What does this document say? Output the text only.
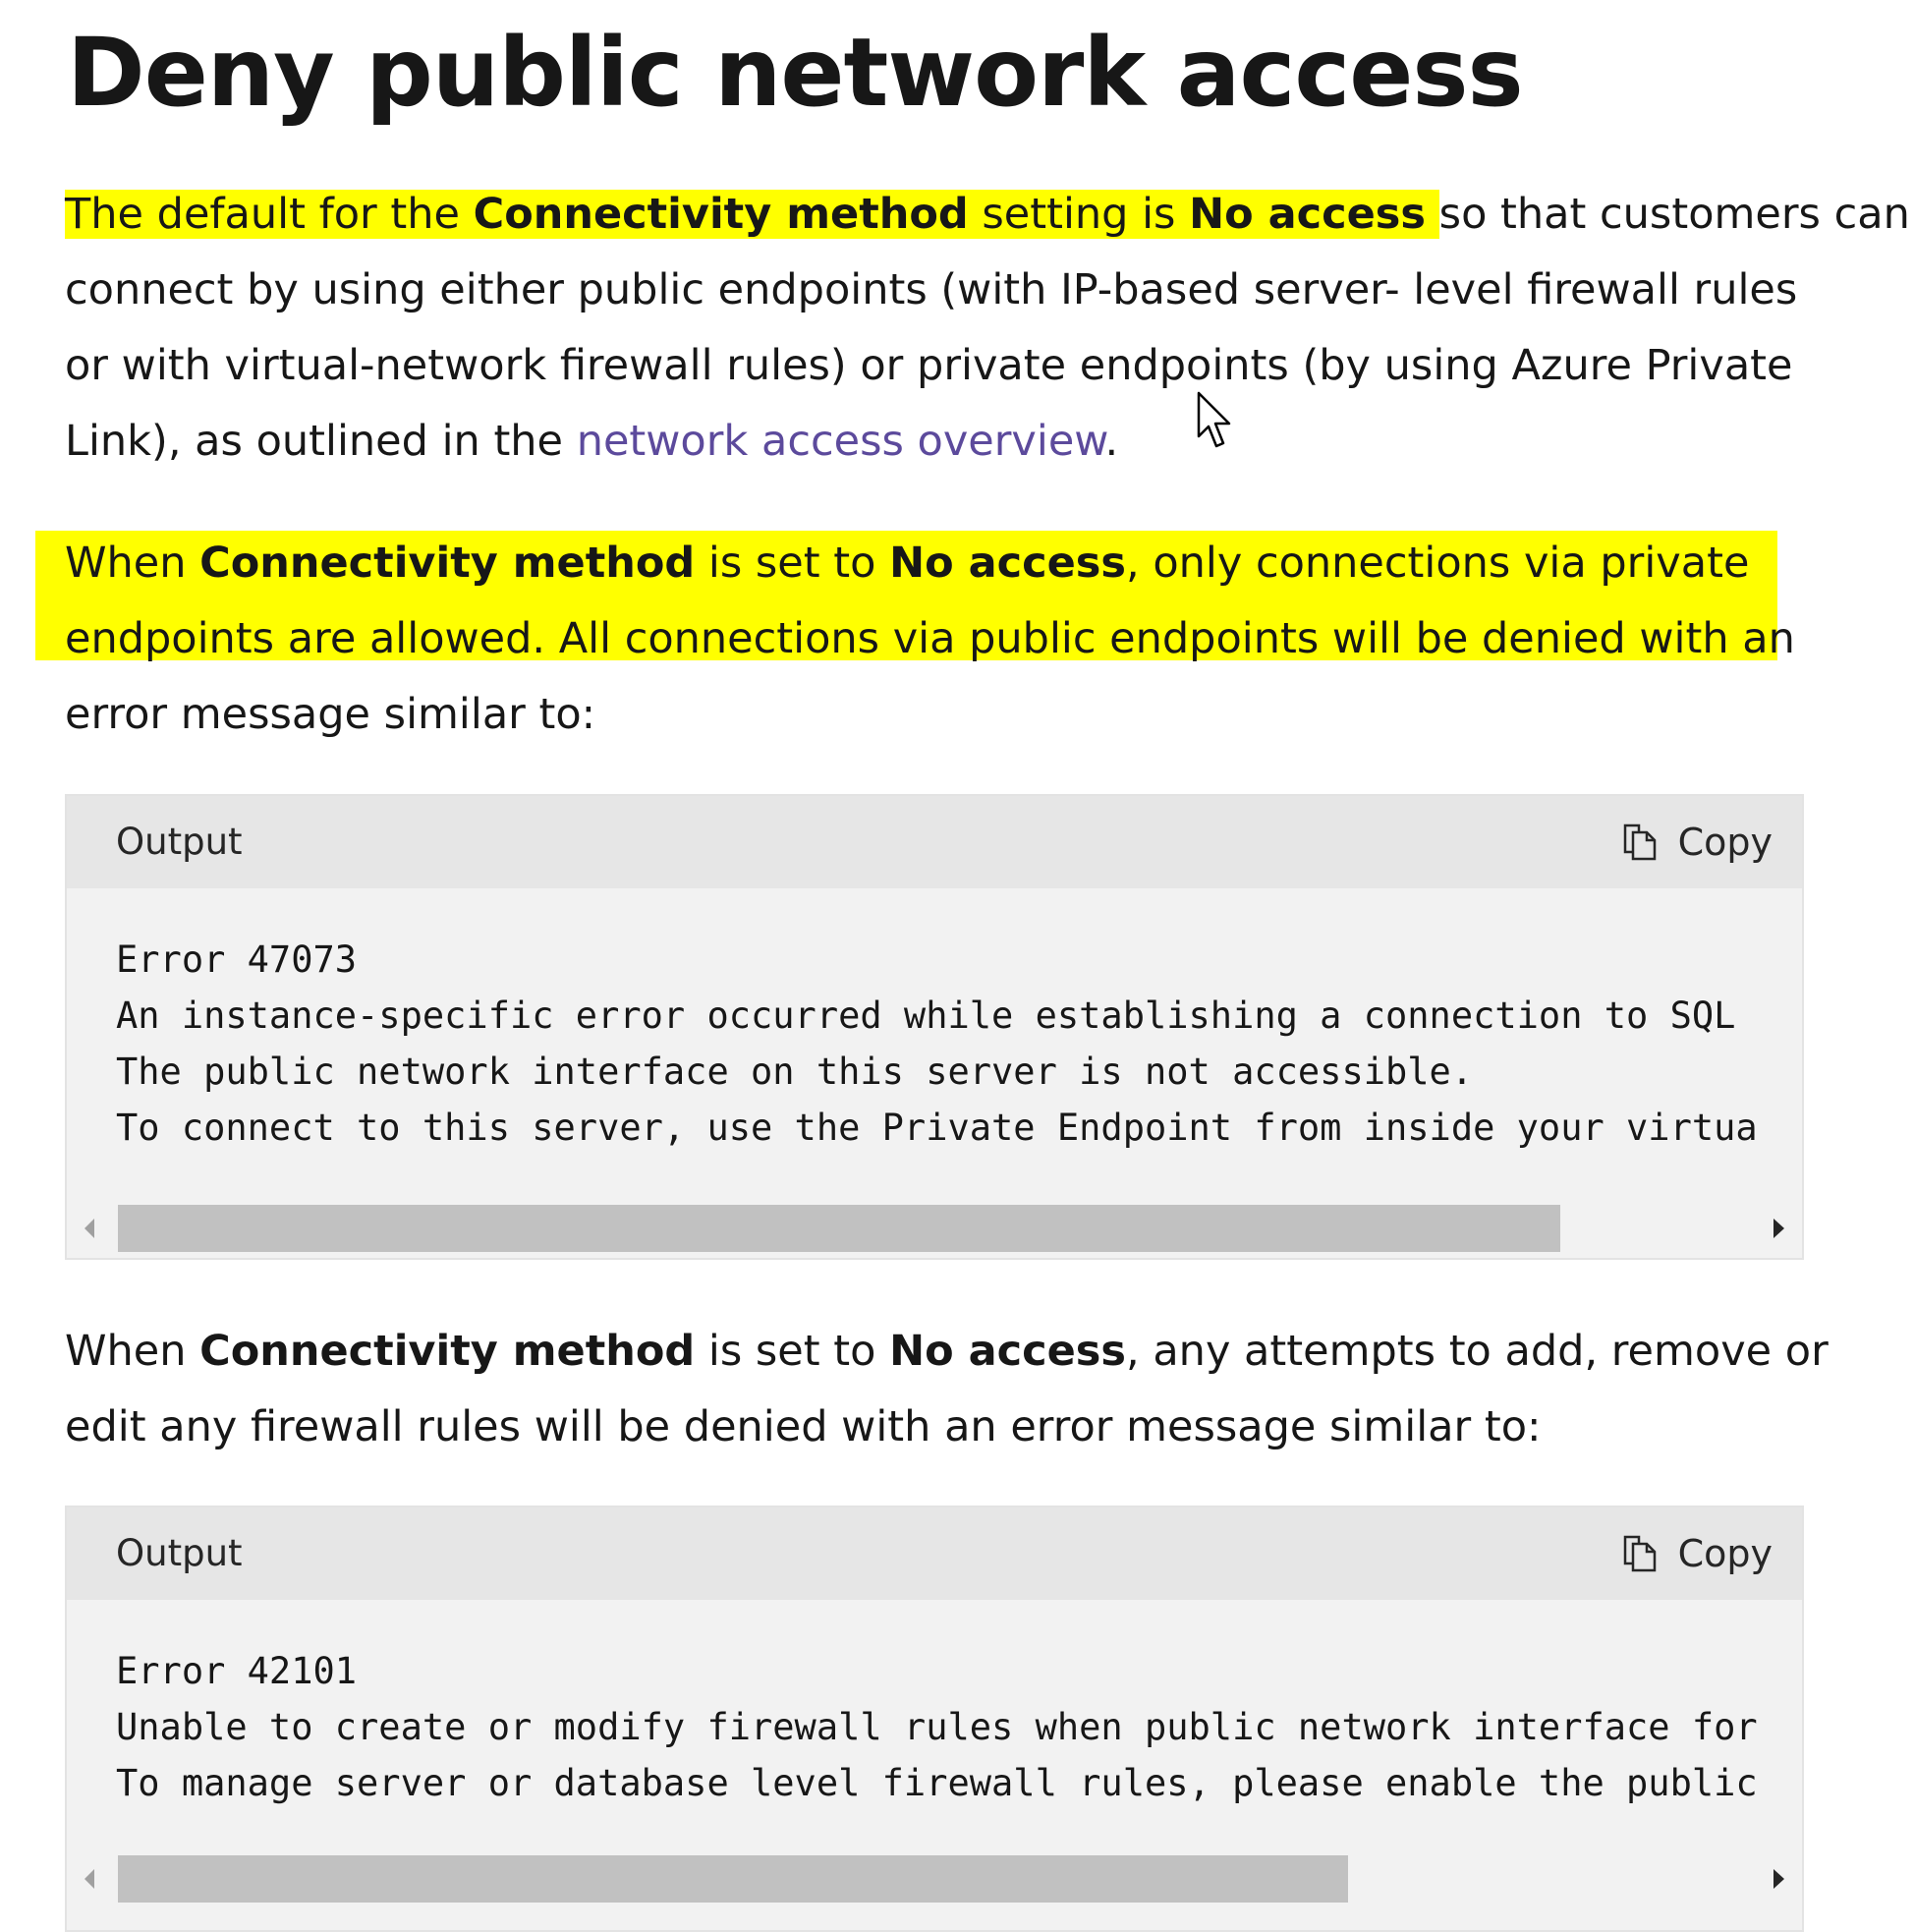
Deny public network access

The default for the Connectivity method setting is No access so that customers can
connect by using either public endpoints (with IP-based server- level firewall rules
or with virtual-network firewall rules) or private endpoints (by using Azure Private
Link), as outlined in the network access overview.

When Connectivity method is set to No access, only connections via private
endpoints are allowed. All connections via public endpoints will be denied with an
error message similar to:

Output	Copy
Error 47073
An instance-specific error occurred while establishing a connection to SQL
The public network interface on this server is not accessible.
To connect to this server, use the Private Endpoint from inside your virtua

When Connectivity method is set to No access, any attempts to add, remove or
edit any firewall rules will be denied with an error message similar to:

Output	Copy
Error 42101
Unable to create or modify firewall rules when public network interface for
To manage server or database level firewall rules, please enable the public
